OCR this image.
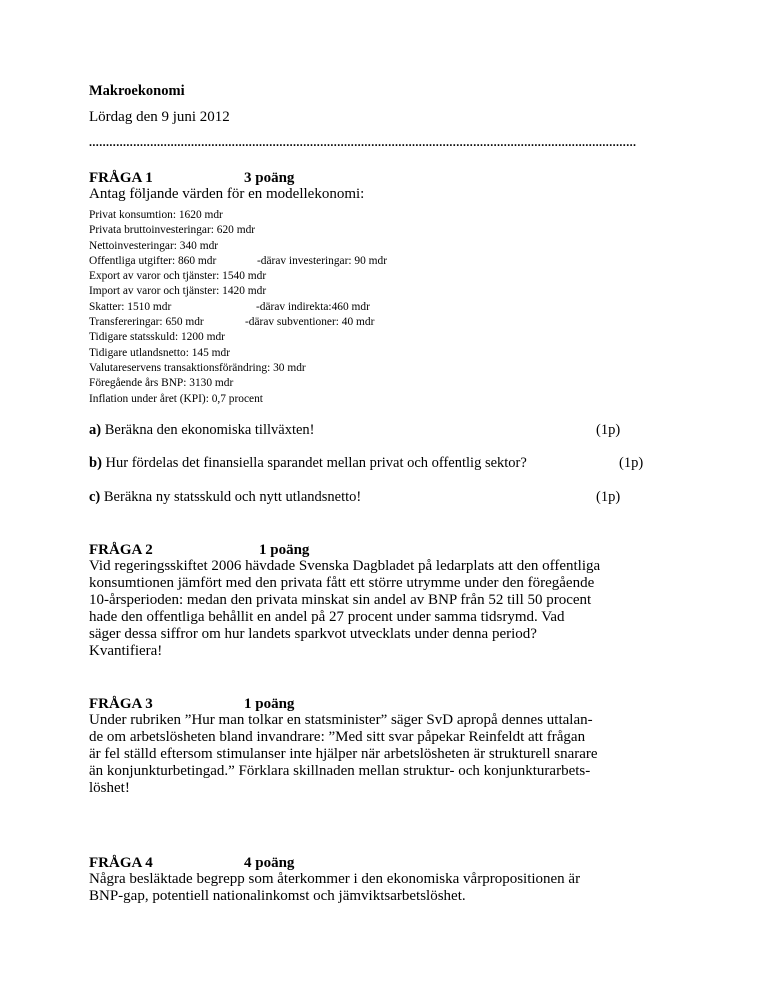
Makroekonomi
Lördag den 9 juni 2012
.................................................................................................................................................................
FRÅGA 1	3 poäng
Antag följande värden för en modellekonomi:
Privat konsumtion: 1620 mdr
Privata bruttoinvesteringar: 620 mdr
Nettoinvesteringar: 340 mdr
Offentliga utgifter: 860 mdr	-därav investeringar: 90 mdr
Export av varor och tjänster: 1540 mdr
Import av varor och tjänster: 1420 mdr
Skatter: 1510 mdr	-därav indirekta:460 mdr
Transfereringar: 650 mdr	-därav subventioner: 40 mdr
Tidigare statsskuld: 1200 mdr
Tidigare utlandsnetto: 145 mdr
Valutareservens transaktionsförändring: 30 mdr
Föregående års BNP: 3130 mdr
Inflation under året (KPI): 0,7 procent
a) Beräkna den ekonomiska tillväxten!	(1p)
b) Hur fördelas det finansiella sparandet mellan privat och offentlig sektor?	(1p)
c) Beräkna ny statsskuld och nytt utlandsnetto!	(1p)
FRÅGA 2	1 poäng
Vid regeringsskiftet 2006 hävdade Svenska Dagbladet på ledarplats att den offentliga
konsumtionen jämfört med den privata fått ett större utrymme under den föregående
10-årsperioden: medan den privata minskat sin andel av BNP från 52 till 50 procent
hade den offentliga behållit en andel på 27 procent under samma tidsrymd. Vad
säger dessa siffror om hur landets sparkvot utvecklats under denna period?
Kvantifiera!
FRÅGA 3	1 poäng
Under rubriken ”Hur man tolkar en statsminister” säger SvD apropå dennes uttalan-
de om arbetslösheten bland invandrare: ”Med sitt svar påpekar Reinfeldt att frågan
är fel ställd eftersom stimulanser inte hjälper när arbetslösheten är strukturell snarare
än konjunkturbetingad.” Förklara skillnaden mellan struktur- och konjunkturarbets-
löshet!
FRÅGA 4	4 poäng
Några besläktade begrepp som återkommer i den ekonomiska vårpropositionen är
BNP-gap, potentiell nationalinkomst och jämviktsarbetslöshet.
